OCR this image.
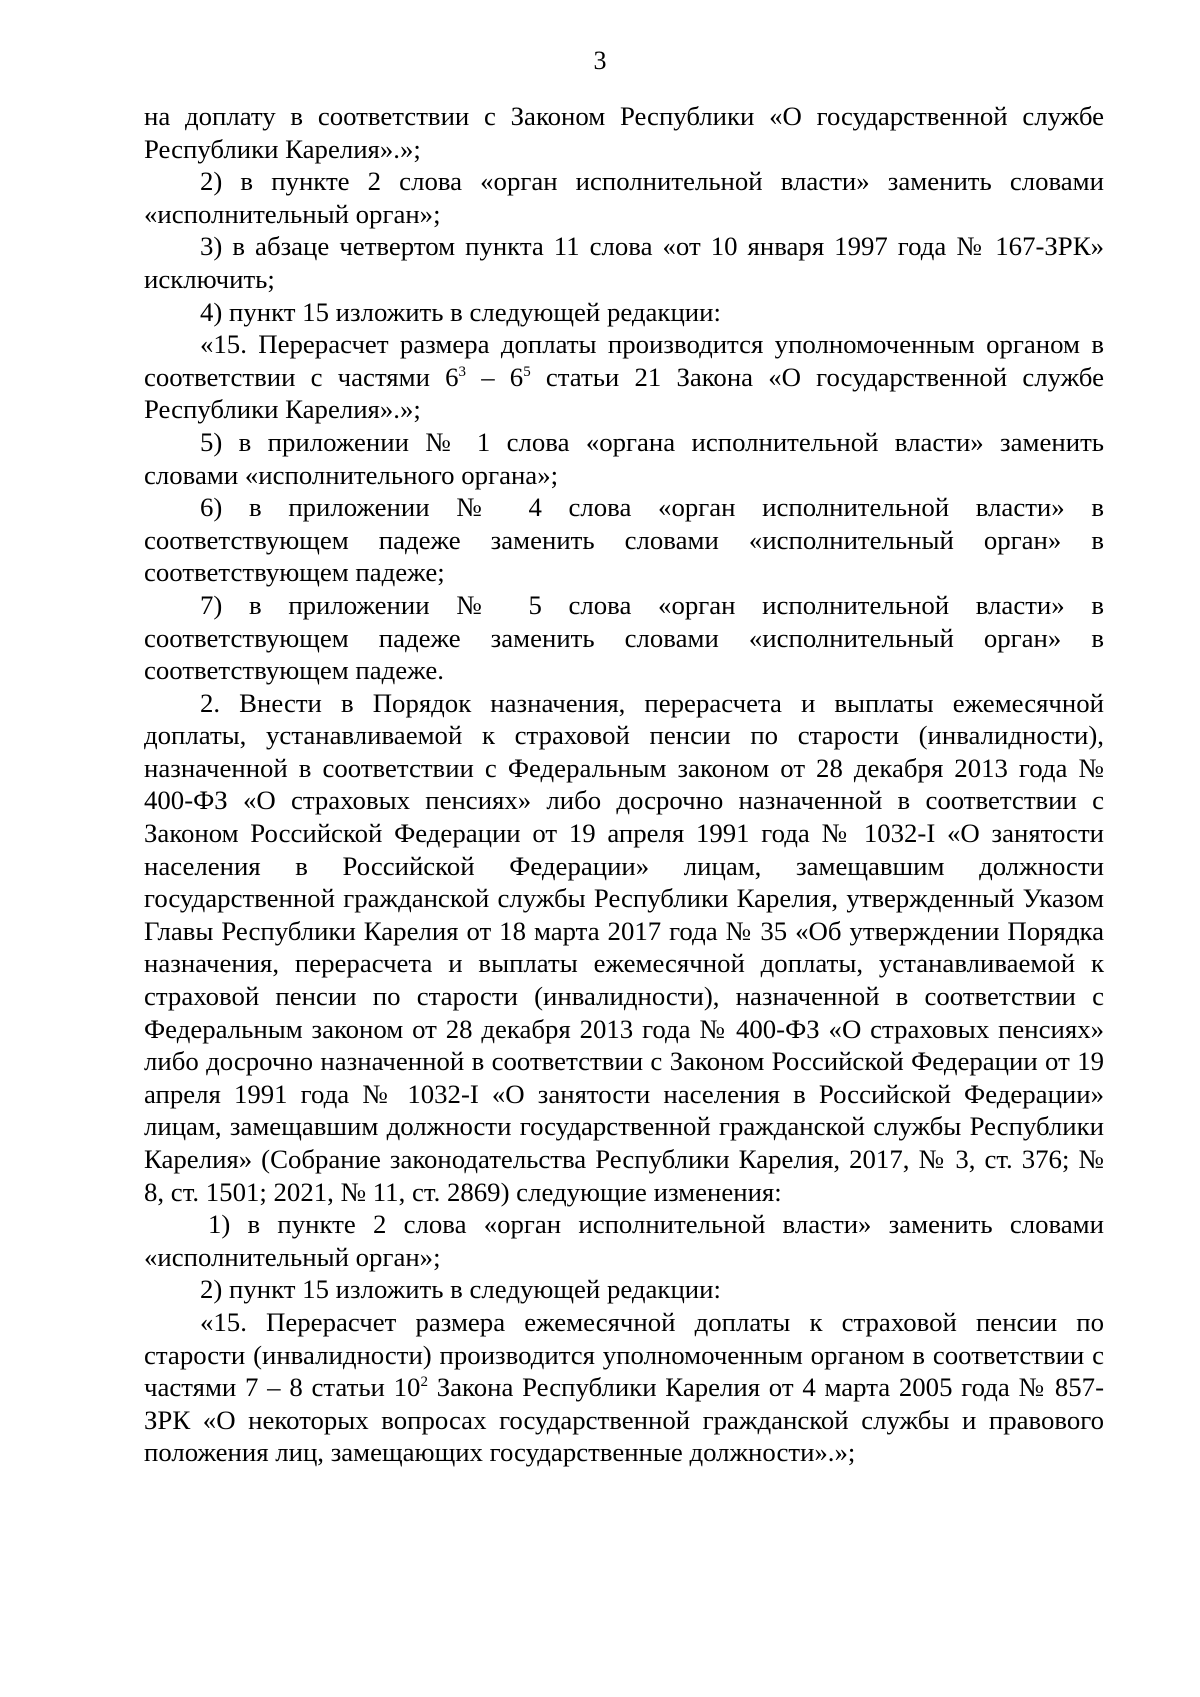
3

на доплату в соответствии с Законом Республики «О государственной службе Республики Карелия».»;

2) в пункте 2 слова «орган исполнительной власти» заменить словами «исполнительный орган»;

3) в абзаце четвертом пункта 11 слова «от 10 января 1997 года № 167-ЗРК» исключить;

4) пункт 15 изложить в следующей редакции:

«15. Перерасчет размера доплаты производится уполномоченным органом в соответствии с частями $6^3 - 6^5$ статьи 21 Закона «О государственной службе Республики Карелия».»;

5) в приложении № 1 слова «органа исполнительной власти» заменить словами «исполнительного органа»;

6) в приложении № 4 слова «орган исполнительной власти» в соответствующем падеже заменить словами «исполнительный орган» в соответствующем падеже;

7) в приложении № 5 слова «орган исполнительной власти» в соответствующем падеже заменить словами «исполнительный орган» в соответствующем падеже.

2. Внести в Порядок назначения, перерасчета и выплаты ежемесячной доплаты, устанавливаемой к страховой пенсии по старости (инвалидности), назначенной в соответствии с Федеральным законом от 28 декабря 2013 года № 400-ФЗ «О страховых пенсиях» либо досрочно назначенной в соответствии с Законом Российской Федерации от 19 апреля 1991 года № 1032-I «О занятости населения в Российской Федерации» лицам, замещавшим должности государственной гражданской службы Республики Карелия, утвержденный Указом Главы Республики Карелия от 18 марта 2017 года № 35 «Об утверждении Порядка назначения, перерасчета и выплаты ежемесячной доплаты, устанавливаемой к страховой пенсии по старости (инвалидности), назначенной в соответствии с Федеральным законом от 28 декабря 2013 года № 400-ФЗ «О страховых пенсиях» либо досрочно назначенной в соответствии с Законом Российской Федерации от 19 апреля 1991 года № 1032-I «О занятости населения в Российской Федерации» лицам, замещавшим должности государственной гражданской службы Республики Карелия» (Собрание законодательства Республики Карелия, 2017, № 3, ст. 376; № 8, ст. 1501; 2021, № 11, ст. 2869) следующие изменения:

1) в пункте 2 слова «орган исполнительной власти» заменить словами «исполнительный орган»;

2) пункт 15 изложить в следующей редакции:

«15. Перерасчет размера ежемесячной доплаты к страховой пенсии по старости (инвалидности) производится уполномоченным органом в соответствии с частями 7 – 8 статьи $10^2$ Закона Республики Карелия от 4 марта 2005 года № 857-ЗРК «О некоторых вопросах государственной гражданской службы и правового положения лиц, замещающих государственные должности».»;
